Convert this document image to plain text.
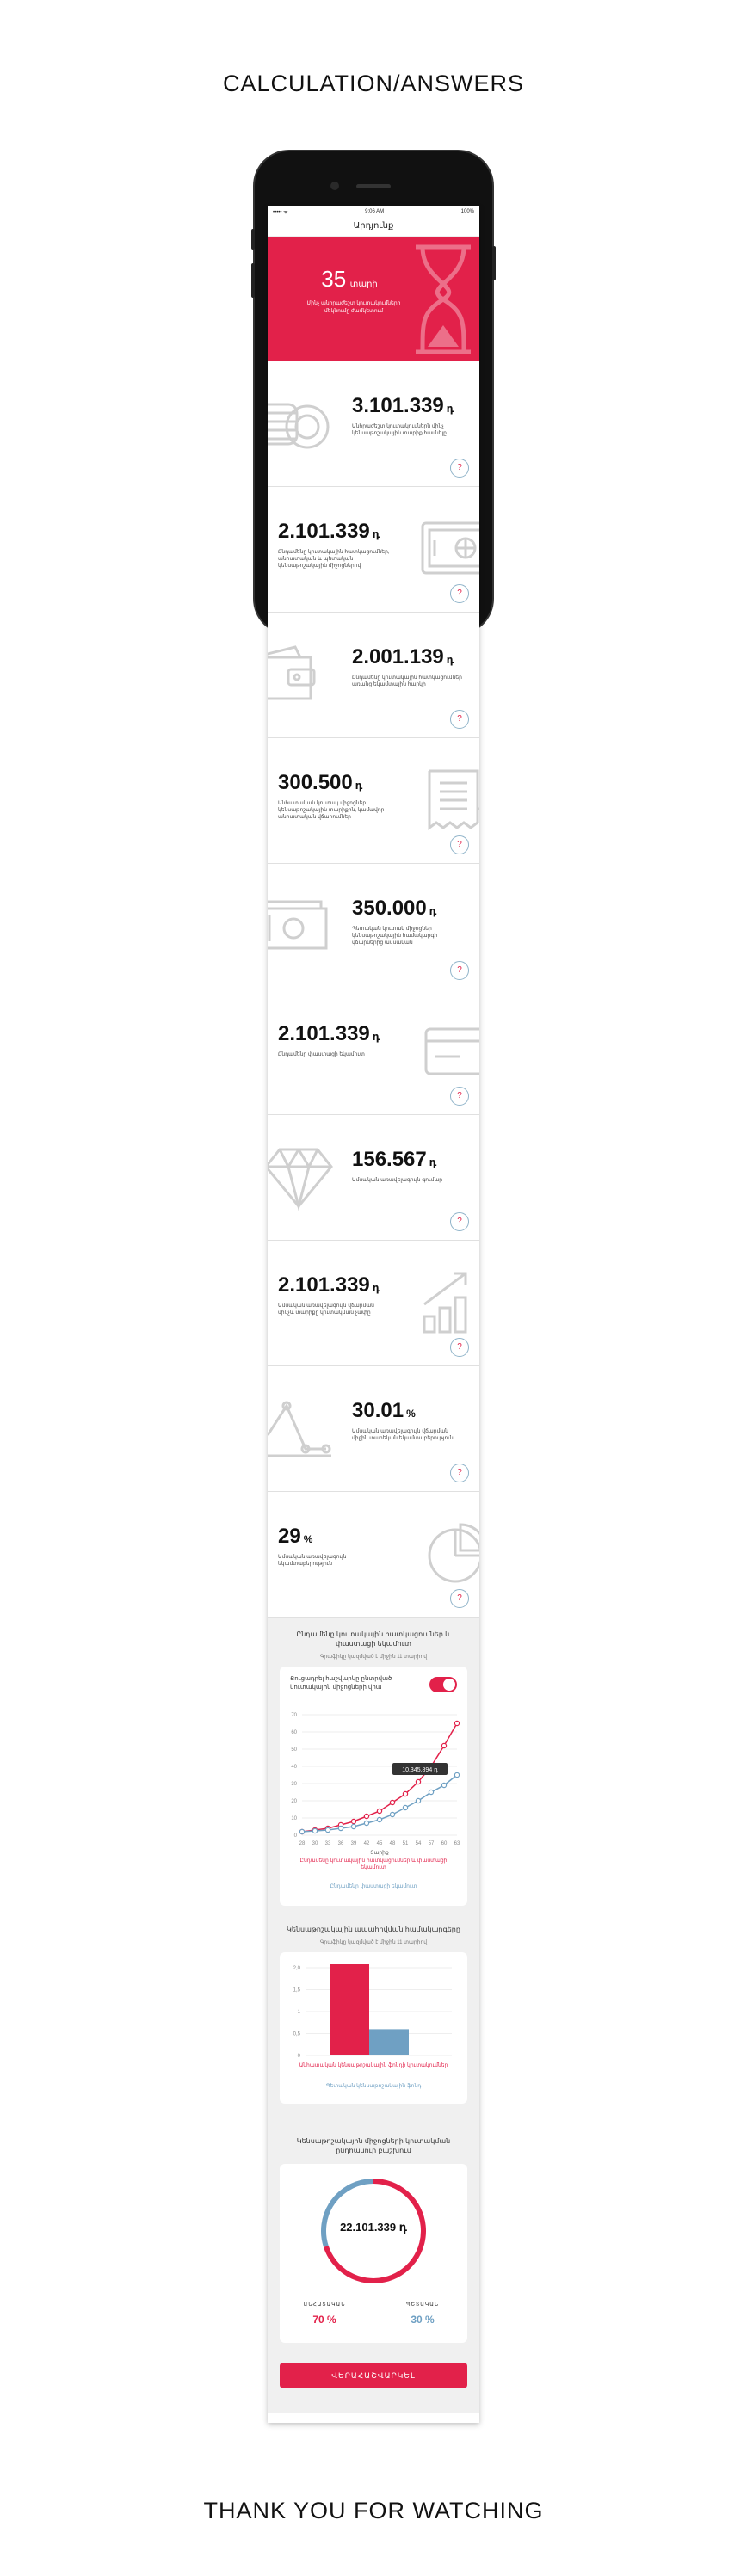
CALCULATION/ANSWERS
••••• ᯤ	9:06 AM	100%
Արդյունք
35 տարի
Մինչ անհրաժեշտ կուտակումների մեկնումը ժամկետում
3.101.339 դ
Անհրաժեշտ կուտակումներն մինչ կենսաթոշակային տարիք հասնելը
?
2.101.339 դ
Ընդամենը կուտակային հատկացումներ, անհատական և պետական կենսաթոշակային միջոցներով
?
2.001.139 դ
Ընդամենը կուտակային հատկացումներ առանց եկամտային հարկի
?
300.500 դ
Անհատական կուտակ միջոցներ կենսաթոշակային տարիքին, կամավոր անհատական վճարումներ
?
350.000 դ
Պետական կուտակ միջոցներ կենսաթոշակային համակարգի վճարներից ամսական
?
2.101.339 դ
Ընդամենը փաստացի եկամուտ
?
156.567 դ
Ամսական առավելագույն գումար
?
2.101.339 դ
Ամսական առավելագույն վճարման մինչև տարիքը կուտակման չափը
?
30.01 %
Ամսական առավելագույն վճարման միջին տարեկան եկամտաբերություն
?
29 %
Ամսական առավելագույն եկամտաբերություն
?
Ընդամենը կուտակային հատկացումներ և փաստացի եկամուտ
Գրաֆիկը կազմված է միջին 11 տարիով
Ցուցադրել հաշվարկը ընտրված կուտակային միջոցների վրա
0
10
20
30
40
50
60
70
28 30 33 36 39 42 45 48 51 54 57 60 63
Տարիք
10.345.894 դ
Ընդամենը կուտակային հատկացումներ և փաստացի եկամուտ
Ընդամենը փաստացի եկամուտ
Կենսաթոշակային ապահովման համակարգերը
Գրաֆիկը կազմված է միջին 11 տարիով
0
0,5
1
1,5
2,0
Անհատական կենսաթոշակային ֆոնդի կուտակումներ
Պետական կենսաթոշակային ֆոնդ
Կենսաթոշակային միջոցների կուտակման ընդհանուր բաշխում
22.101.339 դ
ԱՆՀԱՏԱԿԱՆ	ՊԵՏԱԿԱՆ
70 %	30 %
ՎԵՐԱՀԱՇՎԱՐԿԵԼ
THANK YOU FOR WATCHING
